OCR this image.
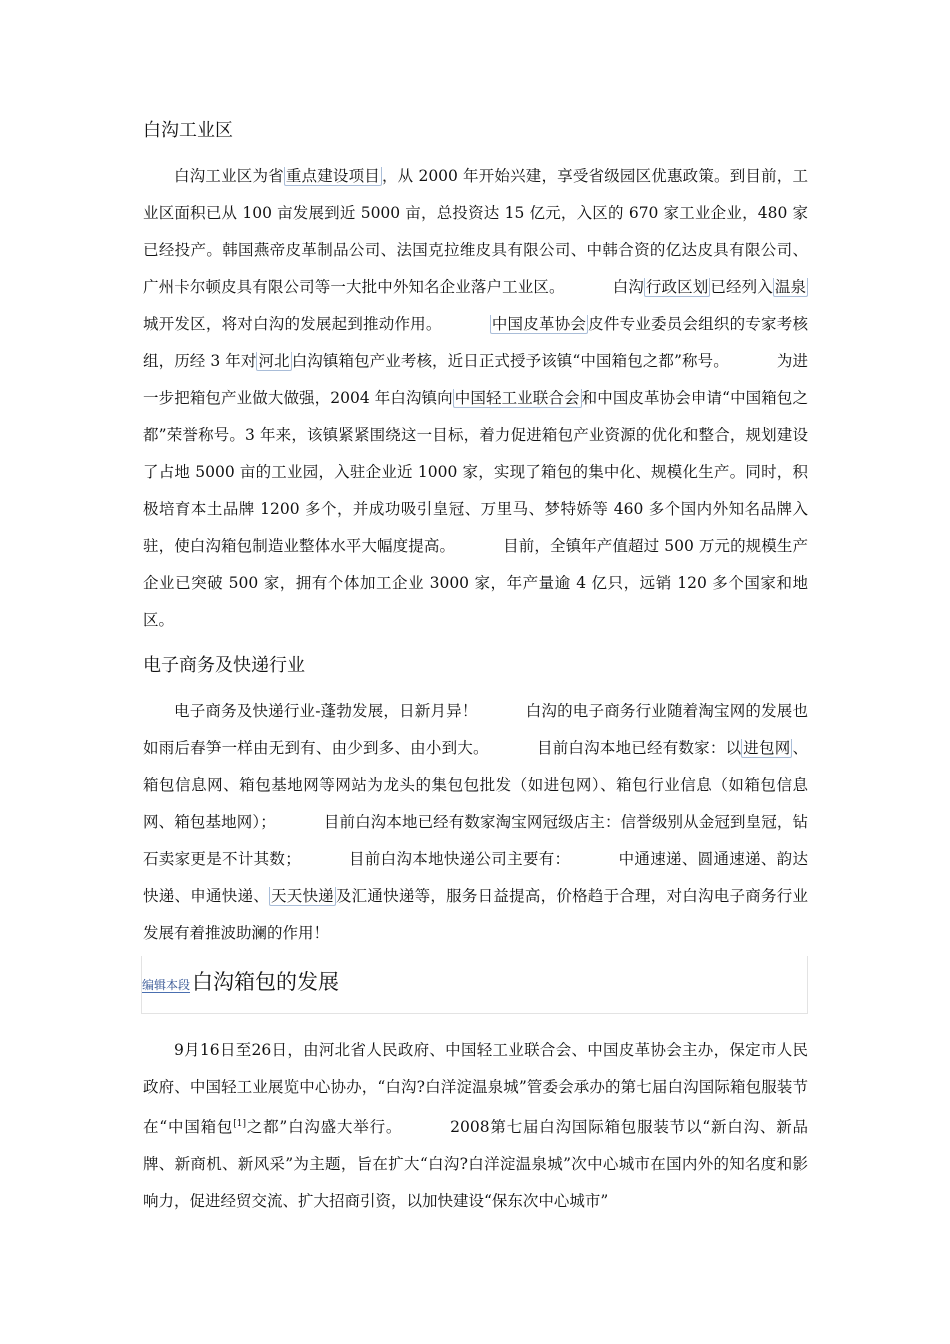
白沟工业区

白沟工业区为省 重点建设项目 ，从 2000 年开始兴建，享受省级园区优惠政策。到目前，工业区面积已从 100 亩发展到近 5000 亩，总投资达 15 亿元，入区的 670 家工业企业，480 家已经投产。韩国燕帝皮革制品公司、法国克拉维皮具有限公司、中韩合资的亿达皮具有限公司、广州卡尔顿皮具有限公司等一大批中外知名企业落户工业区。	白沟 行政区划 已经列入 温泉城开发区，将对白沟的发展起到推动作用。	中国皮革协会 皮件专业委员会组织的专家考核组，历经 3 年对 河北 白沟镇箱包产业考核，近日正式授予该镇“中国箱包之都”称号。	为进一步把箱包产业做大做强，2004 年白沟镇向 中国轻工业联合会 和中国皮革协会申请“中国箱包之都”荣誉称号。3 年来，该镇紧紧围绕这一目标，着力促进箱包产业资源的优化和整合，规划建设了占地 5000 亩的工业园，入驻企业近 1000 家，实现了箱包的集中化、规模化生产。同时，积极培育本土品牌 1200 多个，并成功吸引皇冠、万里马、梦特娇等 460 多个国内外知名品牌入驻，使白沟箱包制造业整体水平大幅度提高。	目前，全镇年产值超过 500 万元的规模生产企业已突破 500 家，拥有个体加工企业 3000 家，年产量逾 4 亿只，远销 120 多个国家和地区。

电子商务及快递行业

电子商务及快递行业-蓬勃发展，日新月异！	白沟的电子商务行业随着淘宝网的发展也如雨后春笋一样由无到有、由少到多、由小到大。	目前白沟本地已经有数家：以 进包网 、箱包信息网、箱包基地网等网站为龙头的集包包批发（如进包网）、箱包行业信息（如箱包信息网、箱包基地网）；	目前白沟本地已经有数家淘宝网冠级店主：信誉级别从金冠到皇冠，钻石卖家更是不计其数；	目前白沟本地快递公司主要有：	中通速递、圆通速递、韵达快递、申通快递、 天天快递 及汇通快递等，服务日益提高，价格趋于合理，对白沟电子商务行业发展有着推波助澜的作用！

编辑本段白沟箱包的发展

9月16日至26日，由河北省人民政府、中国轻工业联合会、中国皮革协会主办，保定市人民政府、中国轻工业展览中心协办，“白沟?白洋淀温泉城”管委会承办的第七届白沟国际箱包服装节在“中国箱包[1]之都”白沟盛大举行。	2008第七届白沟国际箱包服装节以“新白沟、新品牌、新商机、新风采”为主题，旨在扩大“白沟?白洋淀温泉城”次中心城市在国内外的知名度和影响力，促进经贸交流、扩大招商引资，以加快建设“保东次中心城市”
